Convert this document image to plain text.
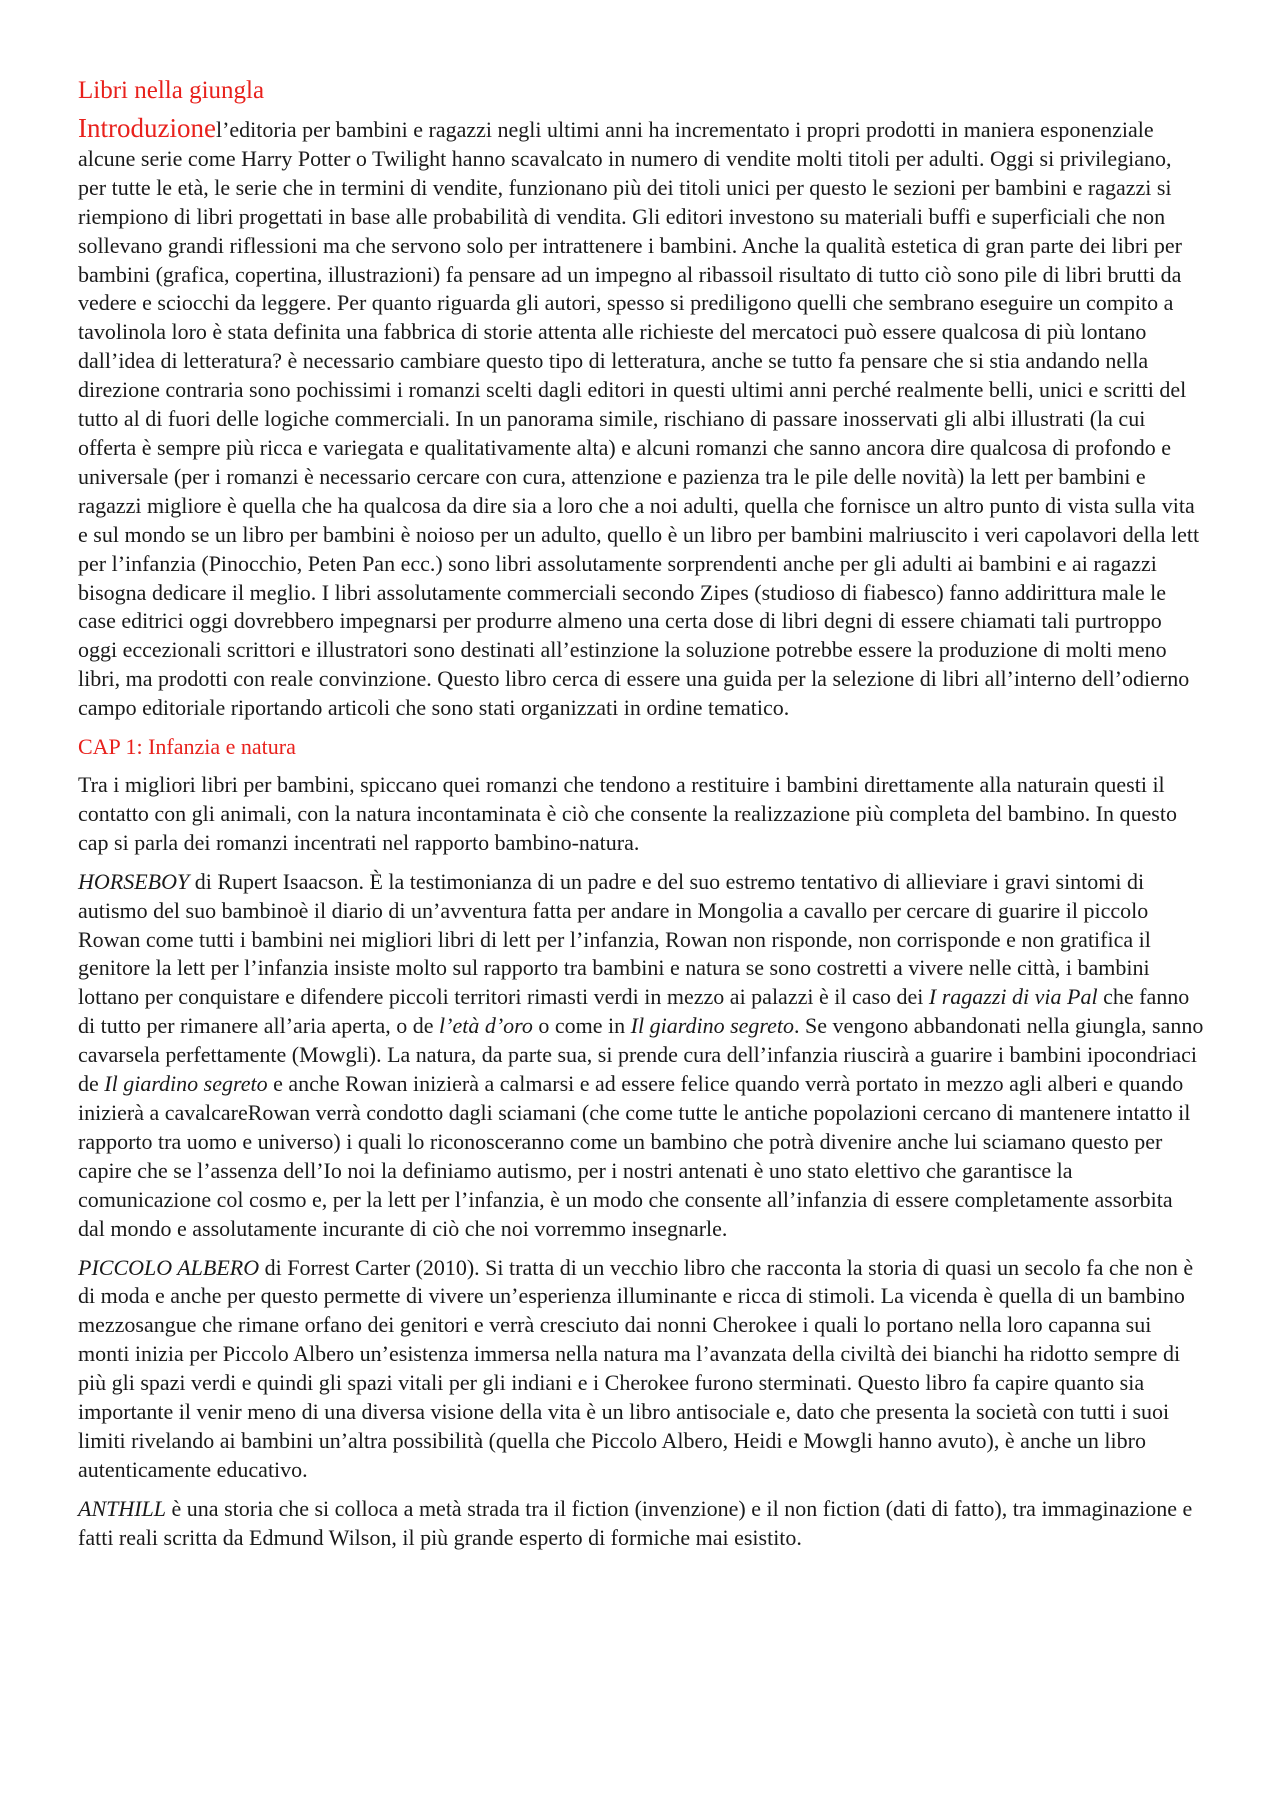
Libri nella giungla

Introduzionel’editoria per bambini e ragazzi negli ultimi anni ha incrementato i propri prodotti in maniera esponenziale alcune serie come Harry Potter o Twilight hanno scavalcato in numero di vendite molti titoli per adulti. Oggi si privilegiano, per tutte le età, le serie che in termini di vendite, funzionano più dei titoli unici per questo le sezioni per bambini e ragazzi si riempiono di libri progettati in base alle probabilità di vendita. Gli editori investono su materiali buffi e superficiali che non sollevano grandi riflessioni ma che servono solo per intrattenere i bambini. Anche la qualità estetica di gran parte dei libri per bambini (grafica, copertina, illustrazioni) fa pensare ad un impegno al ribassoil risultato di tutto ciò sono pile di libri brutti da vedere e sciocchi da leggere. Per quanto riguarda gli autori, spesso si prediligono quelli che sembrano eseguire un compito a tavolinola loro è stata definita una fabbrica di storie attenta alle richieste del mercatoci può essere qualcosa di più lontano dall’idea di letteratura? è necessario cambiare questo tipo di letteratura, anche se tutto fa pensare che si stia andando nella direzione contraria sono pochissimi i romanzi scelti dagli editori in questi ultimi anni perché realmente belli, unici e scritti del tutto al di fuori delle logiche commerciali. In un panorama simile, rischiano di passare inosservati gli albi illustrati (la cui offerta è sempre più ricca e variegata e qualitativamente alta) e alcuni romanzi che sanno ancora dire qualcosa di profondo e universale (per i romanzi è necessario cercare con cura, attenzione e pazienza tra le pile delle novità) la lett per bambini e ragazzi migliore è quella che ha qualcosa da dire sia a loro che a noi adulti, quella che fornisce un altro punto di vista sulla vita e sul mondo se un libro per bambini è noioso per un adulto, quello è un libro per bambini malriuscito i veri capolavori della lett per l’infanzia (Pinocchio, Peten Pan ecc.) sono libri assolutamente sorprendenti anche per gli adulti ai bambini e ai ragazzi bisogna dedicare il meglio. I libri assolutamente commerciali secondo Zipes (studioso di fiabesco) fanno addirittura male le case editrici oggi dovrebbero impegnarsi per produrre almeno una certa dose di libri degni di essere chiamati tali purtroppo oggi eccezionali scrittori e illustratori sono destinati all’estinzione la soluzione potrebbe essere la produzione di molti meno libri, ma prodotti con reale convinzione. Questo libro cerca di essere una guida per la selezione di libri all’interno dell’odierno campo editoriale riportando articoli che sono stati organizzati in ordine tematico.

CAP 1: Infanzia e natura

Tra i migliori libri per bambini, spiccano quei romanzi che tendono a restituire i bambini direttamente alla naturain questi il contatto con gli animali, con la natura incontaminata è ciò che consente la realizzazione più completa del bambino. In questo cap si parla dei romanzi incentrati nel rapporto bambino-natura.

HORSEBOY di Rupert Isaacson. È la testimonianza di un padre e del suo estremo tentativo di allieviare i gravi sintomi di autismo del suo bambinoè il diario di un’avventura fatta per andare in Mongolia a cavallo per cercare di guarire il piccolo Rowan come tutti i bambini nei migliori libri di lett per l’infanzia, Rowan non risponde, non corrisponde e non gratifica il genitore la lett per l’infanzia insiste molto sul rapporto tra bambini e natura se sono costretti a vivere nelle città, i bambini lottano per conquistare e difendere piccoli territori rimasti verdi in mezzo ai palazzi è il caso dei I ragazzi di via Pal che fanno di tutto per rimanere all’aria aperta, o de l’età d’oro o come in Il giardino segreto. Se vengono abbandonati nella giungla, sanno cavarsela perfettamente (Mowgli). La natura, da parte sua, si prende cura dell’infanzia riuscirà a guarire i bambini ipocondriaci de Il giardino segreto e anche Rowan inizierà a calmarsi e ad essere felice quando verrà portato in mezzo agli alberi e quando inizierà a cavalcareRowan verrà condotto dagli sciamani (che come tutte le antiche popolazioni cercano di mantenere intatto il rapporto tra uomo e universo) i quali lo riconosceranno come un bambino che potrà divenire anche lui sciamano questo per capire che se l’assenza dell’Io noi la definiamo autismo, per i nostri antenati è uno stato elettivo che garantisce la comunicazione col cosmo e, per la lett per l’infanzia, è un modo che consente all’infanzia di essere completamente assorbita dal mondo e assolutamente incurante di ciò che noi vorremmo insegnarle.

PICCOLO ALBERO di Forrest Carter (2010). Si tratta di un vecchio libro che racconta la storia di quasi un secolo fa che non è di moda e anche per questo permette di vivere un’esperienza illuminante e ricca di stimoli. La vicenda è quella di un bambino mezzosangue che rimane orfano dei genitori e verrà cresciuto dai nonni Cherokee i quali lo portano nella loro capanna sui monti inizia per Piccolo Albero un’esistenza immersa nella natura ma l’avanzata della civiltà dei bianchi ha ridotto sempre di più gli spazi verdi e quindi gli spazi vitali per gli indiani e i Cherokee furono sterminati. Questo libro fa capire quanto sia importante il venir meno di una diversa visione della vita è un libro antisociale e, dato che presenta la società con tutti i suoi limiti rivelando ai bambini un’altra possibilità (quella che Piccolo Albero, Heidi e Mowgli hanno avuto), è anche un libro autenticamente educativo.

ANTHILL è una storia che si colloca a metà strada tra il fiction (invenzione) e il non fiction (dati di fatto), tra immaginazione e fatti reali scritta da Edmund Wilson, il più grande esperto di formiche mai esistito.
